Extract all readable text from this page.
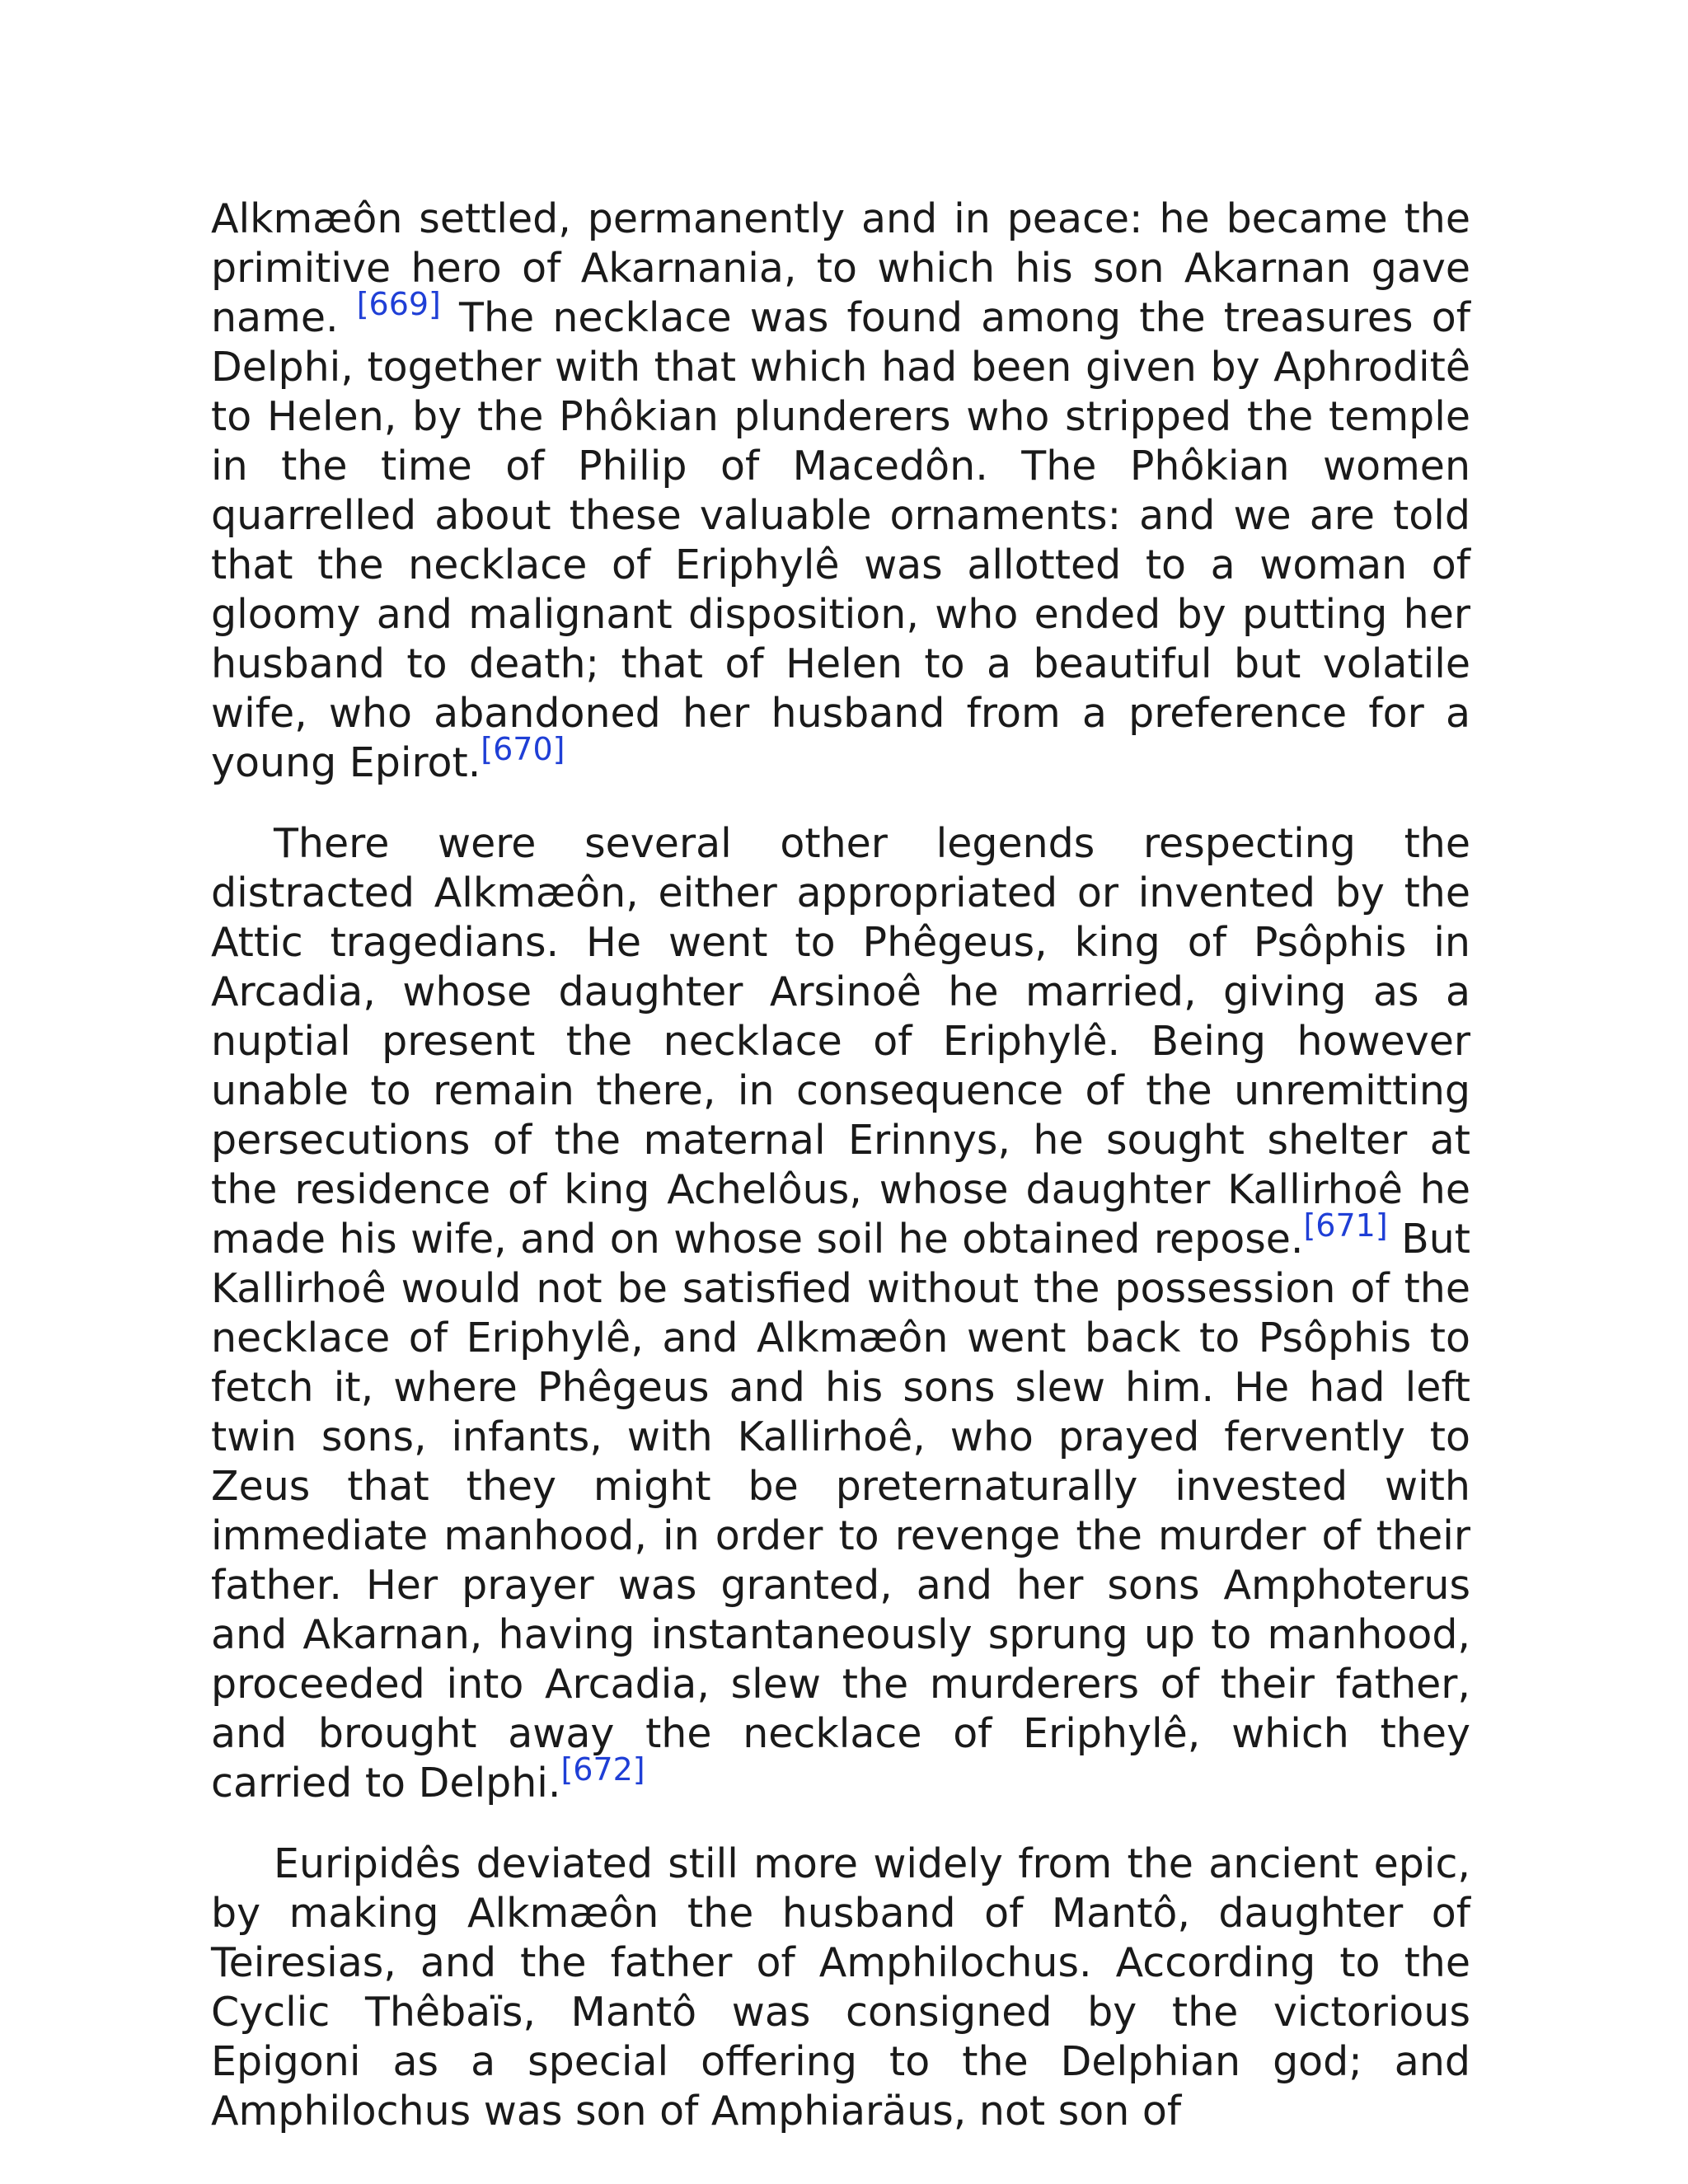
Alkmæôn settled, permanently and in peace: he became the primitive hero of Akarnania, to which his son Akarnan gave name. [669] The necklace was found among the treasures of Delphi, together with that which had been given by Aphroditê to Helen, by the Phôkian plunderers who stripped the temple in the time of Philip of Macedôn. The Phôkian women quarrelled about these valuable ornaments: and we are told that the necklace of Eriphylê was allotted to a woman of gloomy and malignant disposition, who ended by putting her husband to death; that of Helen to a beautiful but volatile wife, who abandoned her husband from a preference for a young Epirot.[670]

There were several other legends respecting the distracted Alkmæôn, either appropriated or invented by the Attic tragedians. He went to Phêgeus, king of Psôphis in Arcadia, whose daughter Arsinoê he married, giving as a nuptial present the necklace of Eriphylê. Being however unable to remain there, in consequence of the unremitting persecutions of the maternal Erinnys, he sought shelter at the residence of king Achelôus, whose daughter Kallirhoê he made his wife, and on whose soil he obtained repose.[671] But Kallirhoê would not be satisfied without the possession of the necklace of Eriphylê, and Alkmæôn went back to Psôphis to fetch it, where Phêgeus and his sons slew him. He had left twin sons, infants, with Kallirhoê, who prayed fervently to Zeus that they might be preternaturally invested with immediate manhood, in order to revenge the murder of their father. Her prayer was granted, and her sons Amphoterus and Akarnan, having instantaneously sprung up to manhood, proceeded into Arcadia, slew the murderers of their father, and brought away the necklace of Eriphylê, which they carried to Delphi.[672]

Euripidês deviated still more widely from the ancient epic, by making Alkmæôn the husband of Mantô, daughter of Teiresias, and the father of Amphilochus. According to the Cyclic Thêbaïs, Mantô was consigned by the victorious Epigoni as a special offering to the Delphian god; and Amphilochus was son of Amphiaräus, not son of
